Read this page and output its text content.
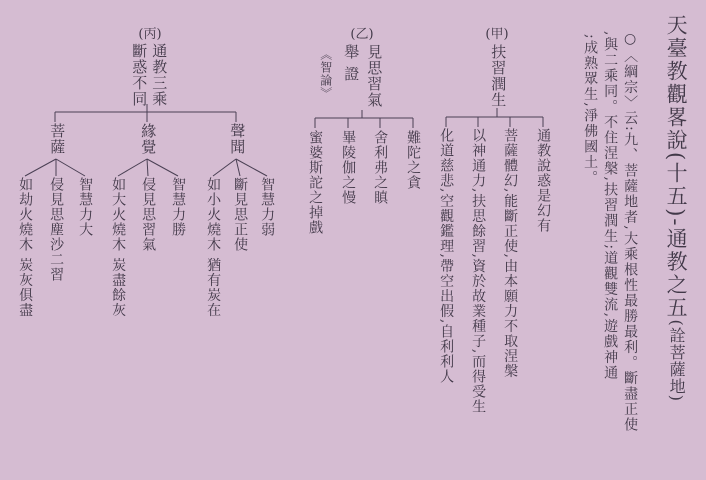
天臺教觀畧說(十五)-通教之五(詮菩薩地)
○〈綱宗〉云:九、菩薩地者,大乘根性最勝最利。斷盡正使
,與二乘同。不住涅槃,扶習潤生;道觀雙流,遊戲神通
;成熟眾生,淨佛國土。
(甲)
扶習潤生
通教說惑是幻有
菩薩體幻,能斷正使,由本願力不取涅槃
以神通力,扶思餘習,資於故業種子,而得受生
化道慈悲,空觀鑑理,帶空出假,自利利人
(乙)
見思習氣
舉 證
《智論》
難陀之貪
舍利弗之瞋
畢陵伽之慢
蜜婆斯詑之掉戲
(丙)
通教三乘
斷惑不同
聲聞
智慧力弱
斷見思正使
如小火燒木 猶有炭在
緣覺
智慧力勝
侵見思習氣
如大火燒木 炭盡餘灰
菩薩
智慧力大
侵見思塵沙二習
如劫火燒木 炭灰俱盡
